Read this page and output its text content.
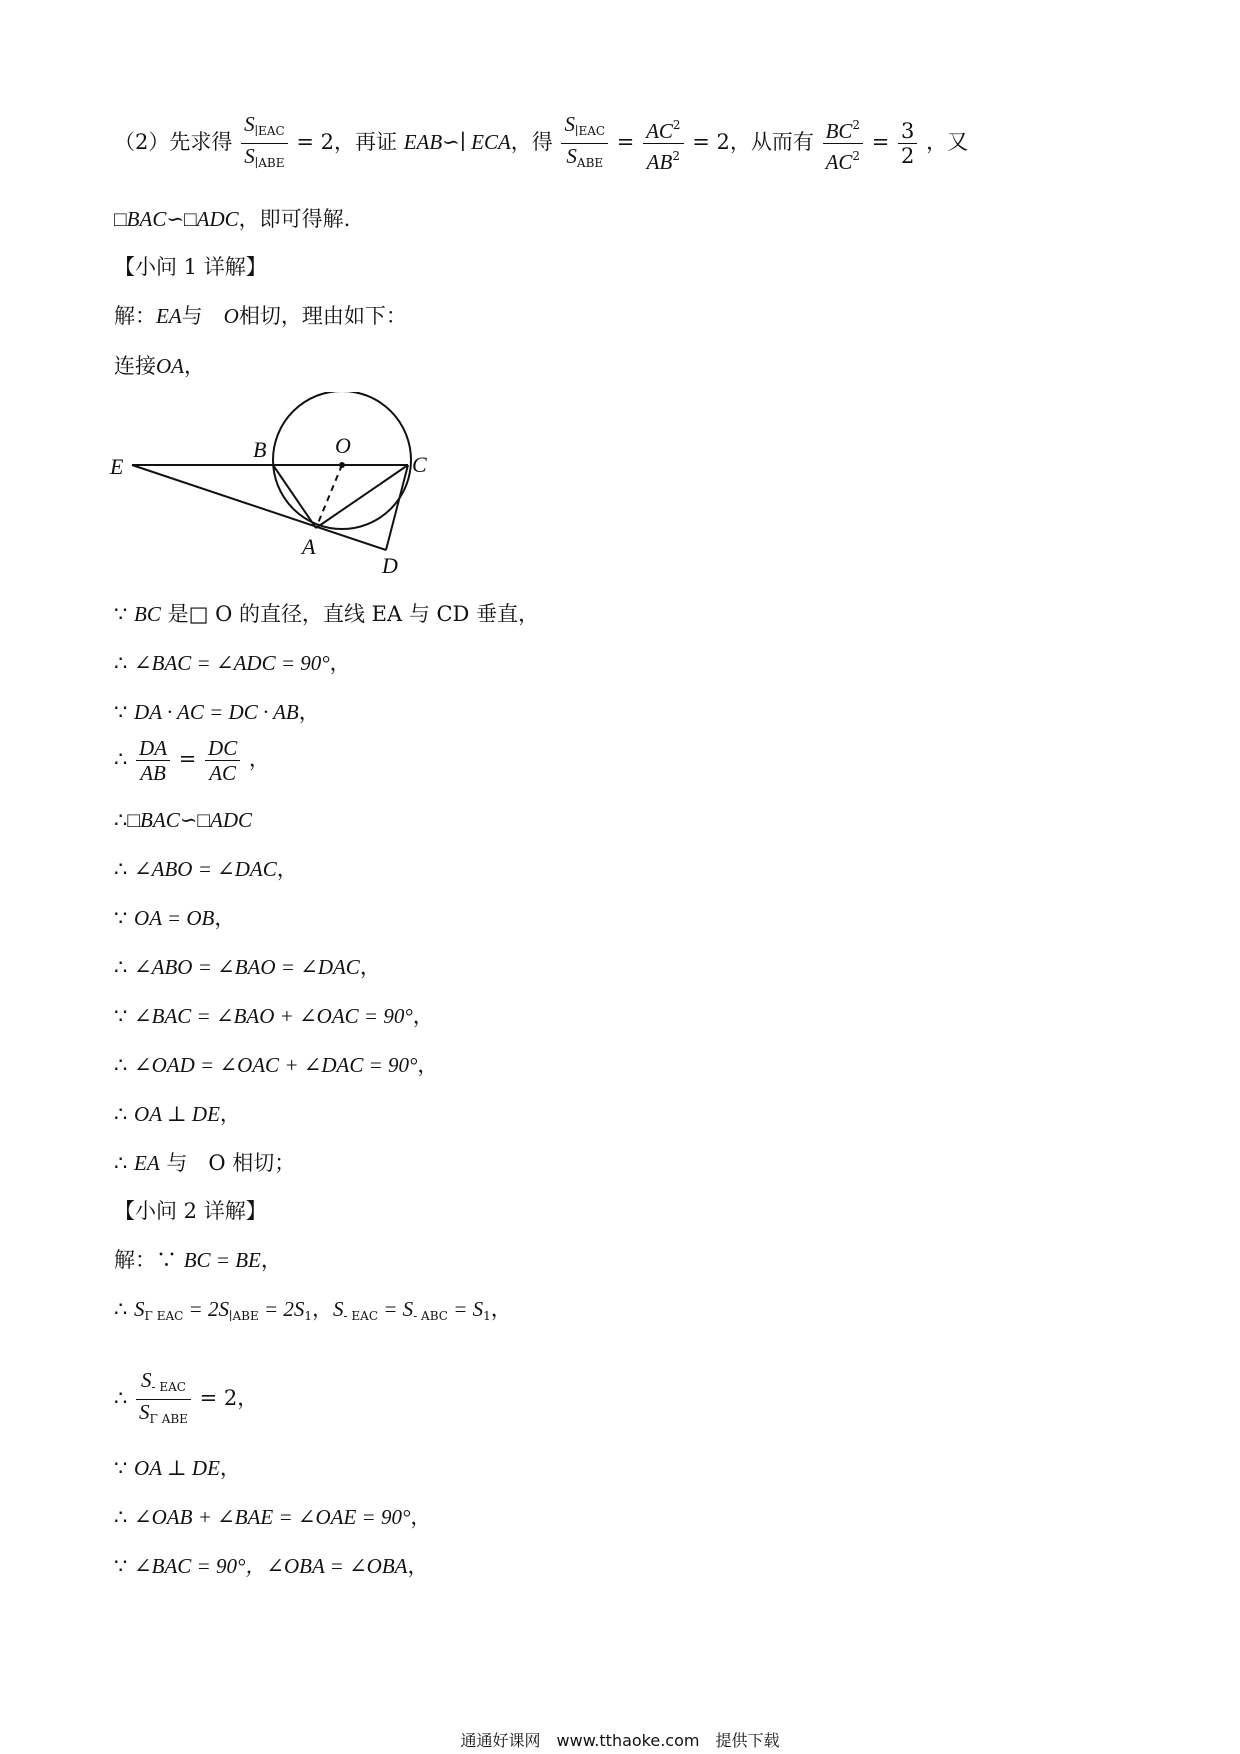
（2）先求得 $\frac{S_{∣EAC}}{S_{∣ABE}} = 2$，再证 EAB∽∣ ECA，得 $\frac{S_{∣EAC}}{S_{ABE}} = \frac{AC^2}{AB^2} = 2$，从而有 $\frac{BC^2}{AC^2} = \frac{3}{2}$ ，又
□BAC∽□ADC，即可得解.
【小问 1 详解】
解：EA与　O相切，理由如下：
连接OA，
E
B	O
C
A
D
∵ BC 是□ O 的直径，直线 EA 与 CD 垂直，
∴ ∠BAC = ∠ADC = 90°，
∵ DA · AC = DC · AB，
∴ $\frac{DA}{AB} = \frac{DC}{AC}$ ，
∴□BAC∽□ADC
∴ ∠ABO = ∠DAC，
∵ OA = OB，
∴ ∠ABO = ∠BAO = ∠DAC，
∵ ∠BAC = ∠BAO + ∠OAC = 90°，
∴ ∠OAD = ∠OAC + ∠DAC = 90°，
∴ OA ⊥ DE，
∴ EA 与　O 相切；
【小问 2 详解】
解：∵ BC = BE，
∴ $S_{\Gamma EAC} = 2S_{∣ABE} = 2S_1$，$S_{- EAC} = S_{- ABC} = S_1$，
∴ $\frac{S_{- EAC}}{S_{\Gamma ABE}} = 2$，
∵ OA ⊥ DE，
∴ ∠OAB + ∠BAE = ∠OAE = 90°，
∵ ∠BAC = 90°，∠OBA = ∠OBA，
通通好课网　www.tthaoke.com　提供下载
